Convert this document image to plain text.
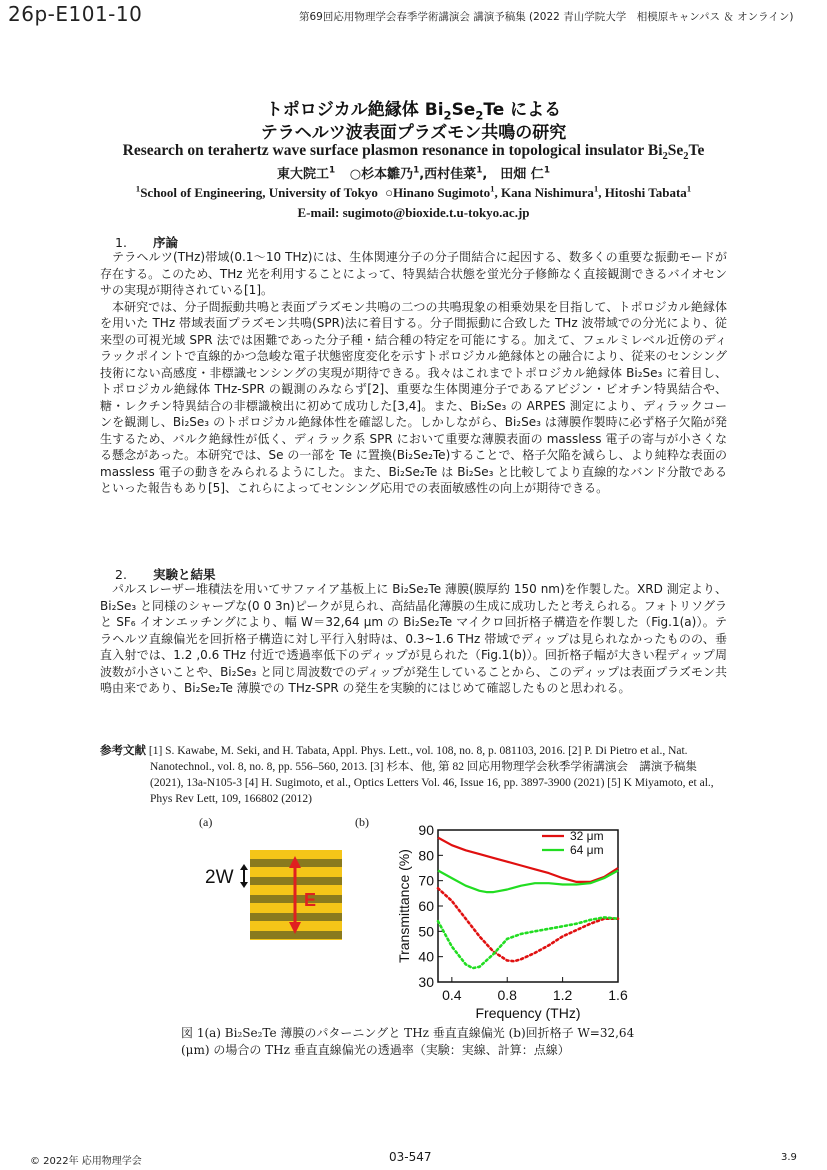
26p-E101-10	第69回応用物理学会春季学術講演会 講演予稿集 (2022 青山学院大学　相模原キャンパス ＆ オンライン)
トポロジカル絶縁体 $Bi_2Se_2Te$ による
テラヘルツ波表面プラズモン共鳴の研究
Research on terahertz wave surface plasmon resonance in topological insulator $Bi_2Se_2Te$
東大院工$^1$ ○杉本雛乃$^1$,西村佳菜$^1$,　田畑 仁$^1$
$^1$School of Engineering, University of Tokyo ○Hinano Sugimoto$^1$, Kana Nishimura$^1$, Hitoshi Tabata$^1$
E-mail: sugimoto@bioxide.t.u-tokyo.ac.jp
1. 序論

テラヘルツ(THz)帯域(0.1～10 THz)には、生体関連分子の分子間結合に起因する、数多くの重要な振動モードが存在する。このため、THz 光を利用することによって、特異結合状態を蛍光分子修飾なく直接観測できるバイオセンサの実現が期待されている[1]。

本研究では、分子間振動共鳴と表面プラズモン共鳴の二つの共鳴現象の相乗効果を目指して、トポロジカル絶縁体を用いた THz 帯域表面プラズモン共鳴(SPR)法に着目する。分子間振動に合致した THz 波帯域での分光により、従来型の可視光域 SPR 法では困難であった分子種・結合種の特定を可能にする。加えて、フェルミレベル近傍のディラックポイントで直線的かつ急峻な電子状態密度変化を示すトポロジカル絶縁体との融合により、従来のセンシング技術にない高感度・非標識センシングの実現が期待できる。我々はこれまでトポロジカル絶縁体 Bi₂Se₃ に着目し、トポロジカル絶縁体 THz-SPR の観測のみならず[2]、重要な生体関連分子であるアビジン・ビオチン特異結合や、糖・レクチン特異結合の非標識検出に初めて成功した[3,4]。また、Bi₂Se₃ の ARPES 測定により、ディラックコーンを観測し、Bi₂Se₃ のトポロジカル絶縁体性を確認した。しかしながら、Bi₂Se₃ は薄膜作製時に必ず格子欠陥が発生するため、バルク絶縁性が低く、ディラック系 SPR において重要な薄膜表面の massless 電子の寄与が小さくなる懸念があった。本研究では、Se の一部を Te に置換(Bi₂Se₂Te)することで、格子欠陥を減らし、より純粋な表面の massless 電子の動きをみられるようにした。また、Bi₂Se₂Te は Bi₂Se₃ と比較してより直線的なバンド分散であるといった報告もあり[5]、これらによってセンシング応用での表面敏感性の向上が期待できる。

2. 実験と結果

パルスレーザー堆積法を用いてサファイア基板上に Bi₂Se₂Te 薄膜(膜厚約 150 nm)を作製した。XRD 測定より、Bi₂Se₃ と同様のシャープな(0 0 3n)ピークが見られ、高結晶化薄膜の生成に成功したと考えられる。フォトリソグラと SF₆ イオンエッチングにより、幅 W＝32,64 μm の Bi₂Se₂Te マイクロ回折格子構造を作製した（Fig.1(a)）。テラヘルツ直線偏光を回折格子構造に対し平行入射時は、0.3~1.6 THz 帯域でディップは見られなかったものの、垂直入射では、1.2 ,0.6 THz 付近で透過率低下のディップが見られた（Fig.1(b)）。回折格子幅が大きい程ディップ周波数が小さいことや、Bi₂Se₃ と同じ周波数でのディップが発生していることから、このディップは表面プラズモン共鳴由来であり、Bi₂Se₂Te 薄膜での THz-SPR の発生を実験的にはじめて確認したものと思われる。

参考文献 [1] S. Kawabe, M. Seki, and H. Tabata, Appl. Phys. Lett., vol. 108, no. 8, p. 081103, 2016. [2] P. Di Pietro et al., Nat. Nanotechnol., vol. 8, no. 8, pp. 556–560, 2013. [3] 杉本、他, 第 82 回応用物理学会秋季学術講演会　講演予稿集 (2021), 13a-N105-3 [4] H. Sugimoto, et al., Optics Letters Vol. 46, Issue 16, pp. 3897-3900 (2021) [5] K Miyamoto, et al., Phys Rev Lett, 109, 166802 (2012)
(a)	(b)
E
2W
30
40
50
60
70
80
90
0.4	0.8	1.2	1.6
Frequency (THz)
Transmittance (%)
32 μm
64 μm
図 1(a) Bi₂Se₂Te 薄膜のパターニングと THz 垂直直線偏光 (b)回折格子 W=32,64
(μm) の場合の THz 垂直直線偏光の透過率（実験：実線、計算：点線）
© 2022年 応用物理学会	03-547	3.9
